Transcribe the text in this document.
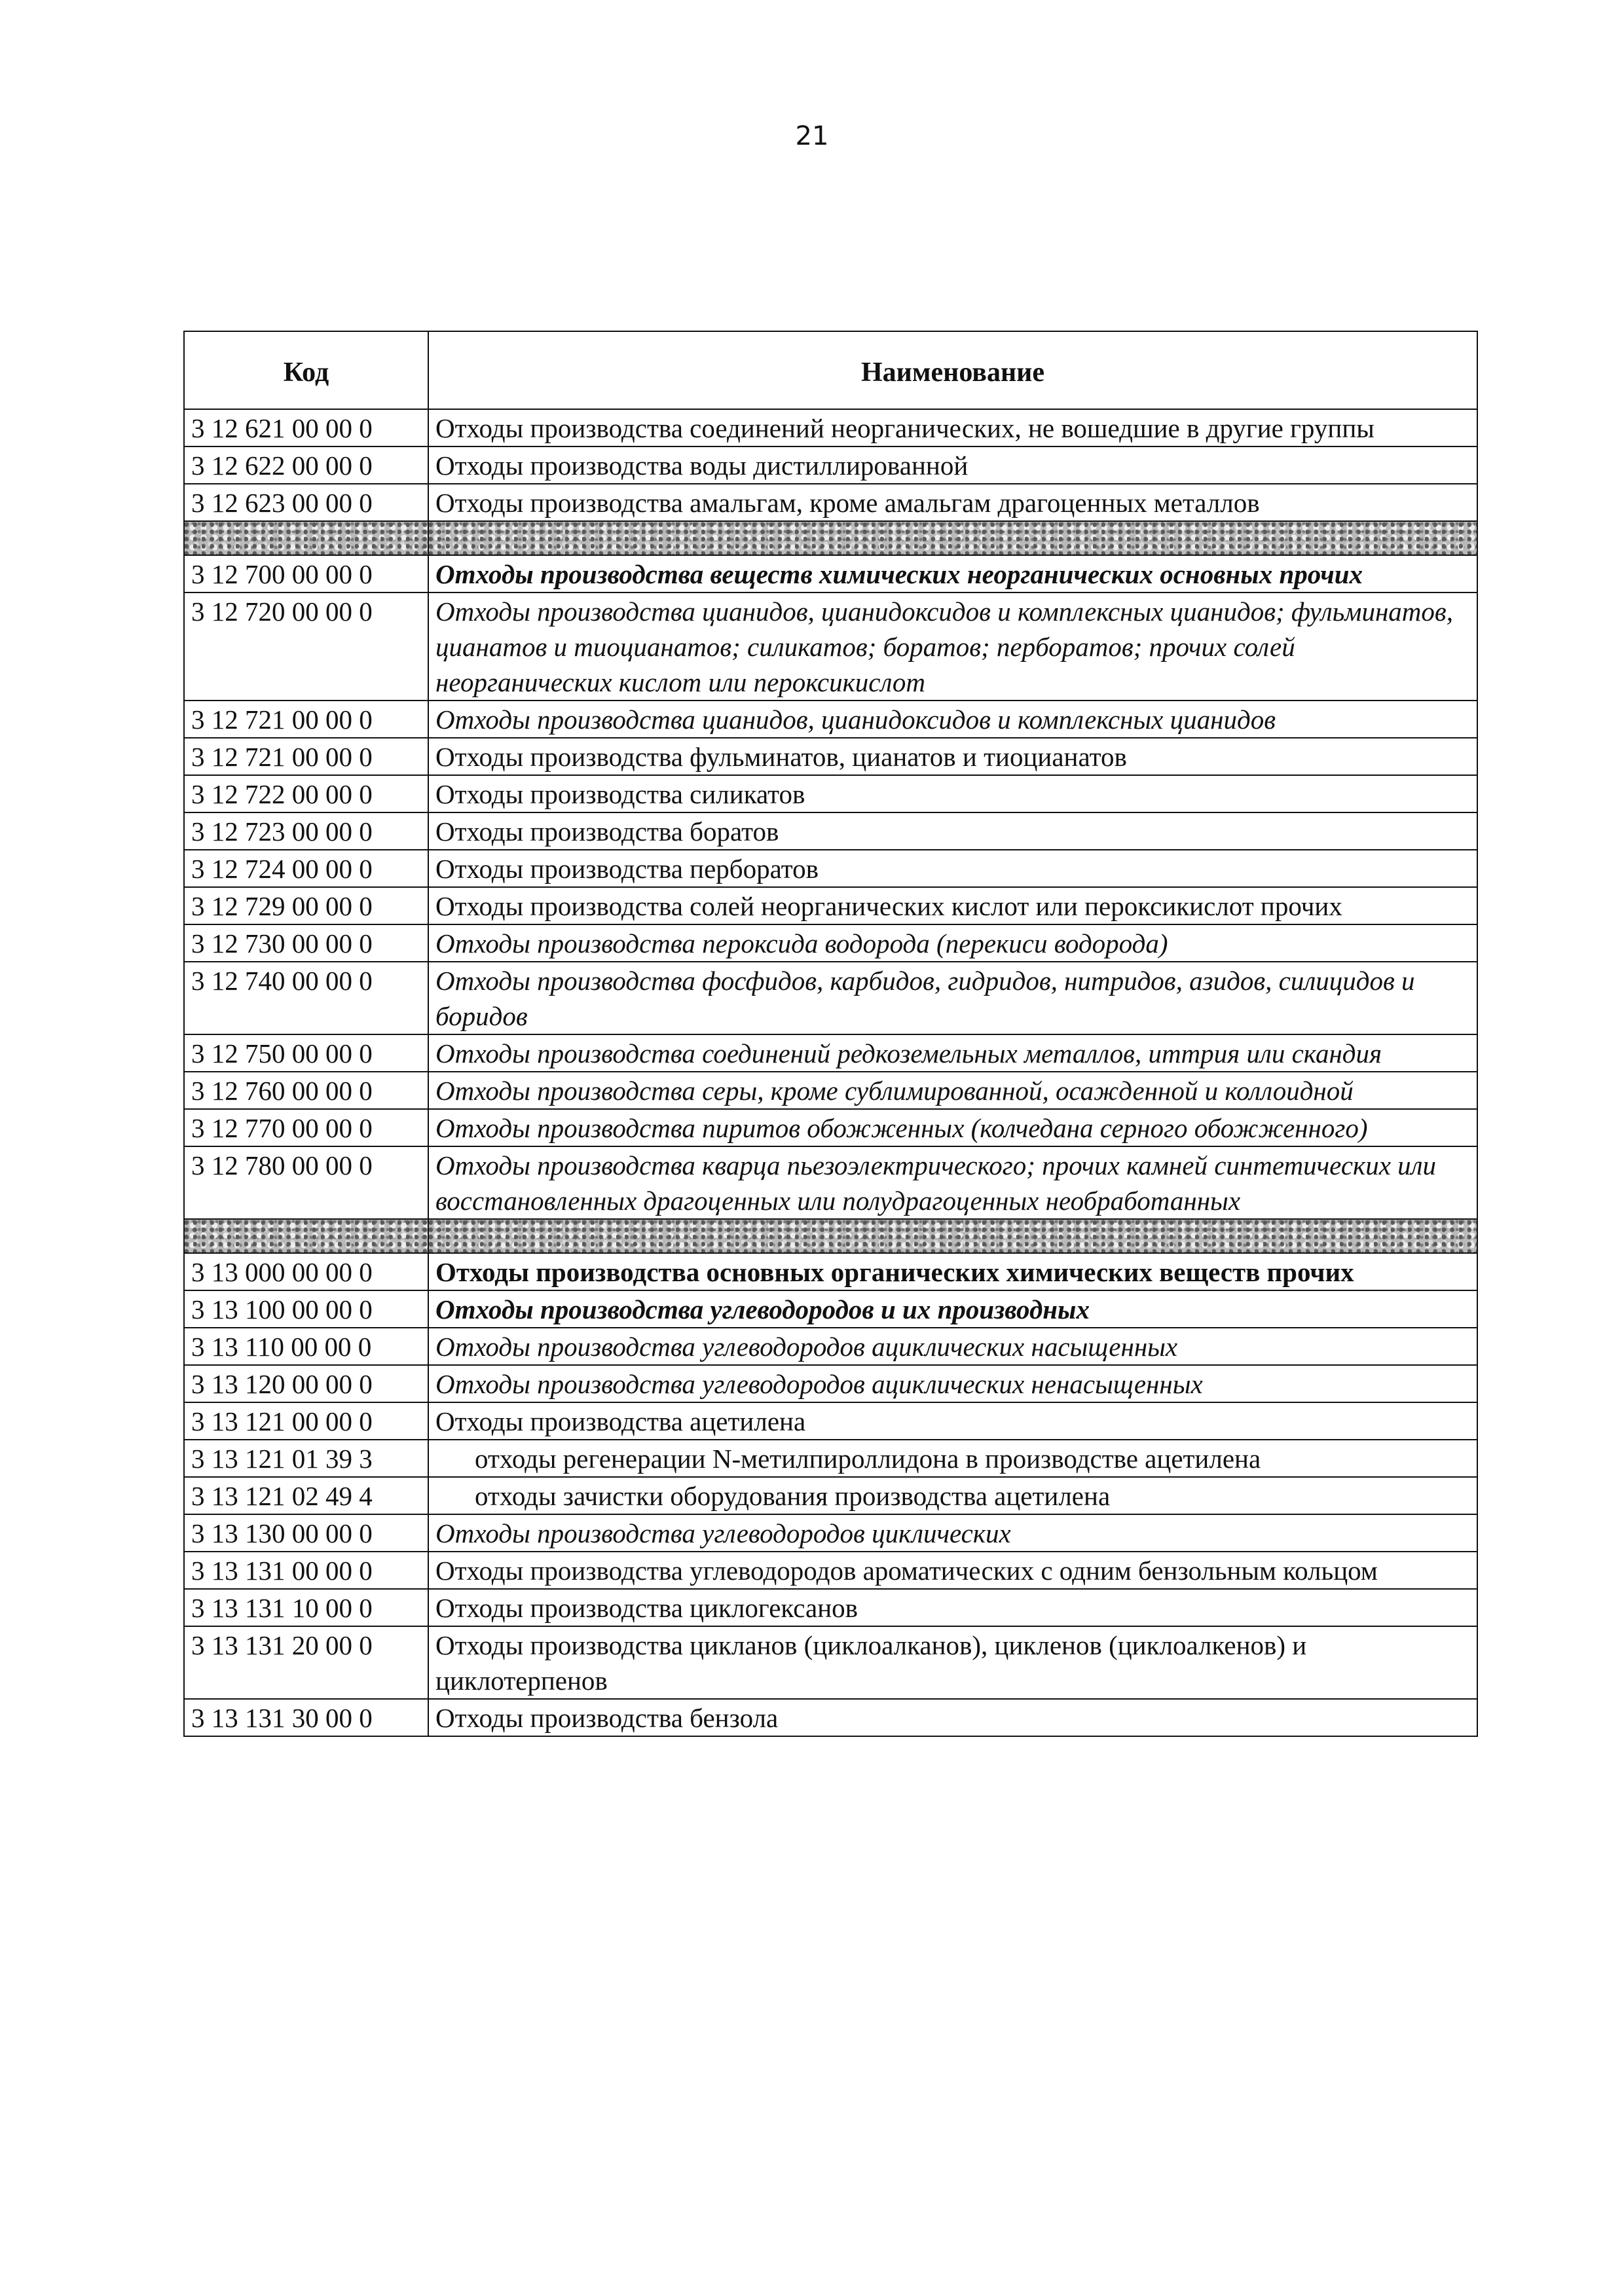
21
Код	Наименование
3 12 621 00 00 0	Отходы производства соединений неорганических, не вошедшие в другие группы
3 12 622 00 00 0	Отходы производства воды дистиллированной
3 12 623 00 00 0	Отходы производства амальгам, кроме амальгам драгоценных металлов

3 12 700 00 00 0	Отходы производства веществ химических неорганических основных прочих
3 12 720 00 00 0	Отходы производства цианидов, цианидоксидов и комплексных цианидов; фульминатов, цианатов и тиоцианатов; силикатов; боратов; перборатов; прочих солей неорганических кислот или пероксикислот
3 12 721 00 00 0	Отходы производства цианидов, цианидоксидов и комплексных цианидов
3 12 721 00 00 0	Отходы производства фульминатов, цианатов и тиоцианатов
3 12 722 00 00 0	Отходы производства силикатов
3 12 723 00 00 0	Отходы производства боратов
3 12 724 00 00 0	Отходы производства перборатов
3 12 729 00 00 0	Отходы производства солей неорганических кислот или пероксикислот прочих
3 12 730 00 00 0	Отходы производства пероксида водорода (перекиси водорода)
3 12 740 00 00 0	Отходы производства фосфидов, карбидов, гидридов, нитридов, азидов, силицидов и боридов
3 12 750 00 00 0	Отходы производства соединений редкоземельных металлов, иттрия или скандия
3 12 760 00 00 0	Отходы производства серы, кроме сублимированной, осажденной и коллоидной
3 12 770 00 00 0	Отходы производства пиритов обожженных (колчедана серного обожженного)
3 12 780 00 00 0	Отходы производства кварца пьезоэлектрического; прочих камней синтетических или восстановленных драгоценных или полудрагоценных необработанных

3 13 000 00 00 0	Отходы производства основных органических химических веществ прочих
3 13 100 00 00 0	Отходы производства углеводородов и их производных
3 13 110 00 00 0	Отходы производства углеводородов ациклических насыщенных
3 13 120 00 00 0	Отходы производства углеводородов ациклических ненасыщенных
3 13 121 00 00 0	Отходы производства ацетилена
3 13 121 01 39 3	отходы регенерации N-метилпироллидона в производстве ацетилена
3 13 121 02 49 4	отходы зачистки оборудования производства ацетилена
3 13 130 00 00 0	Отходы производства углеводородов циклических
3 13 131 00 00 0	Отходы производства углеводородов ароматических с одним бензольным кольцом
3 13 131 10 00 0	Отходы производства циклогексанов
3 13 131 20 00 0	Отходы производства цикланов (циклоалканов), цикленов (циклоалкенов) и циклотерпенов
3 13 131 30 00 0	Отходы производства бензола
